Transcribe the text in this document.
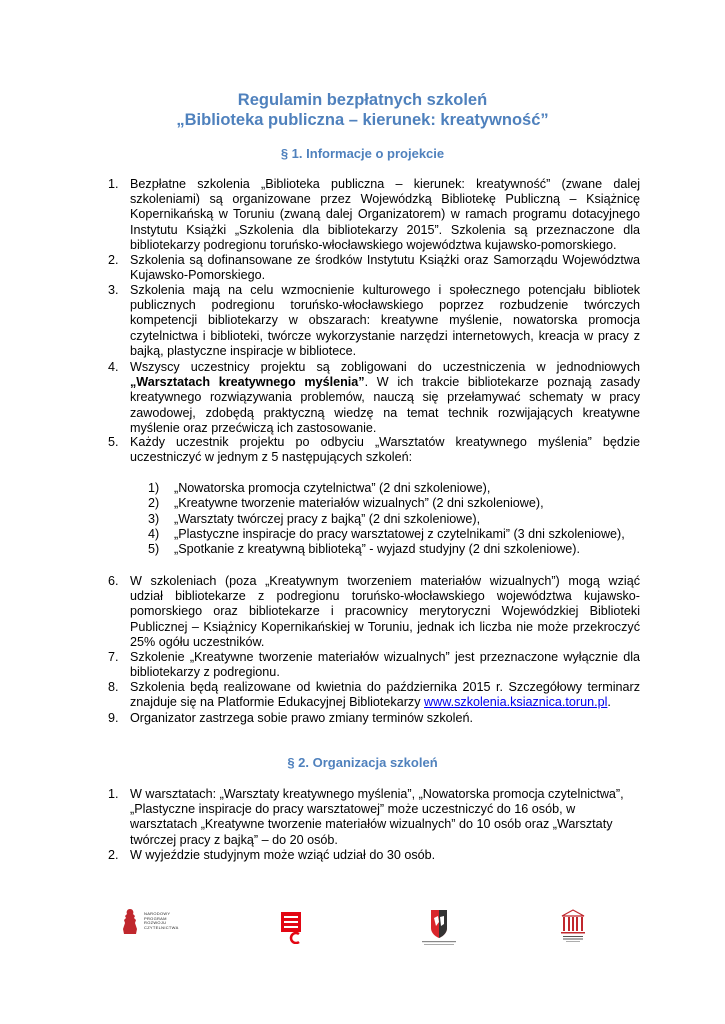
Regulamin bezpłatnych szkoleń
„Biblioteka publiczna – kierunek: kreatywność”
§ 1. Informacje o projekcie
1. Bezpłatne szkolenia „Biblioteka publiczna – kierunek: kreatywność” (zwane dalej
szkoleniami) są organizowane przez Wojewódzką Bibliotekę Publiczną – Książnicę
Kopernikańską w Toruniu (zwaną dalej Organizatorem) w ramach programu dotacyjnego
Instytutu Książki „Szkolenia dla bibliotekarzy 2015”. Szkolenia są przeznaczone dla
bibliotekarzy podregionu toruńsko-włocławskiego województwa kujawsko-pomorskiego.
2. Szkolenia są dofinansowane ze środków Instytutu Książki oraz Samorządu Województwa
Kujawsko-Pomorskiego.
3. Szkolenia mają na celu wzmocnienie kulturowego i społecznego potencjału bibliotek
publicznych podregionu toruńsko-włocławskiego poprzez rozbudzenie twórczych
kompetencji bibliotekarzy w obszarach: kreatywne myślenie, nowatorska promocja
czytelnictwa i biblioteki, twórcze wykorzystanie narzędzi internetowych, kreacja w pracy z
bajką, plastyczne inspiracje w bibliotece.
4. Wszyscy uczestnicy projektu są zobligowani do uczestniczenia w jednodniowych
„Warsztatach kreatywnego myślenia”. W ich trakcie bibliotekarze poznają zasady
kreatywnego rozwiązywania problemów, nauczą się przełamywać schematy w pracy
zawodowej, zdobędą praktyczną wiedzę na temat technik rozwijających kreatywne
myślenie oraz przećwiczą ich zastosowanie.
5. Każdy uczestnik projektu po odbyciu „Warsztatów kreatywnego myślenia” będzie
uczestniczyć w jednym z 5 następujących szkoleń:
1) „Nowatorska promocja czytelnictwa” (2 dni szkoleniowe),
2) „Kreatywne tworzenie materiałów wizualnych” (2 dni szkoleniowe),
3) „Warsztaty twórczej pracy z bajką” (2 dni szkoleniowe),
4) „Plastyczne inspiracje do pracy warsztatowej z czytelnikami” (3 dni szkoleniowe),
5) „Spotkanie z kreatywną biblioteką” - wyjazd studyjny (2 dni szkoleniowe).
6. W szkoleniach (poza „Kreatywnym tworzeniem materiałów wizualnych”) mogą wziąć
udział bibliotekarze z podregionu toruńsko-włocławskiego województwa kujawsko-
pomorskiego oraz bibliotekarze i pracownicy merytoryczni Wojewódzkiej Biblioteki
Publicznej – Książnicy Kopernikańskiej w Toruniu, jednak ich liczba nie może przekroczyć
25% ogółu uczestników.
7. Szkolenie „Kreatywne tworzenie materiałów wizualnych” jest przeznaczone wyłącznie dla
bibliotekarzy z podregionu.
8. Szkolenia będą realizowane od kwietnia do października 2015 r. Szczegółowy terminarz
znajduje się na Platformie Edukacyjnej Bibliotekarzy www.szkolenia.ksiaznica.torun.pl.
9. Organizator zastrzega sobie prawo zmiany terminów szkoleń.
§ 2. Organizacja szkoleń
1. W warsztatach: „Warsztaty kreatywnego myślenia”, „Nowatorska promocja czytelnictwa”,
„Plastyczne inspiracje do pracy warsztatowej” może uczestniczyć do 16 osób, w
warsztatach „Kreatywne tworzenie materiałów wizualnych” do 10 osób oraz „Warsztaty
twórczej pracy z bajką” – do 20 osób.
2. W wyjeździe studyjnym może wziąć udział do 30 osób.
NARODOWY
PROGRAM
ROZWOJU
CZYTELNICTWA
